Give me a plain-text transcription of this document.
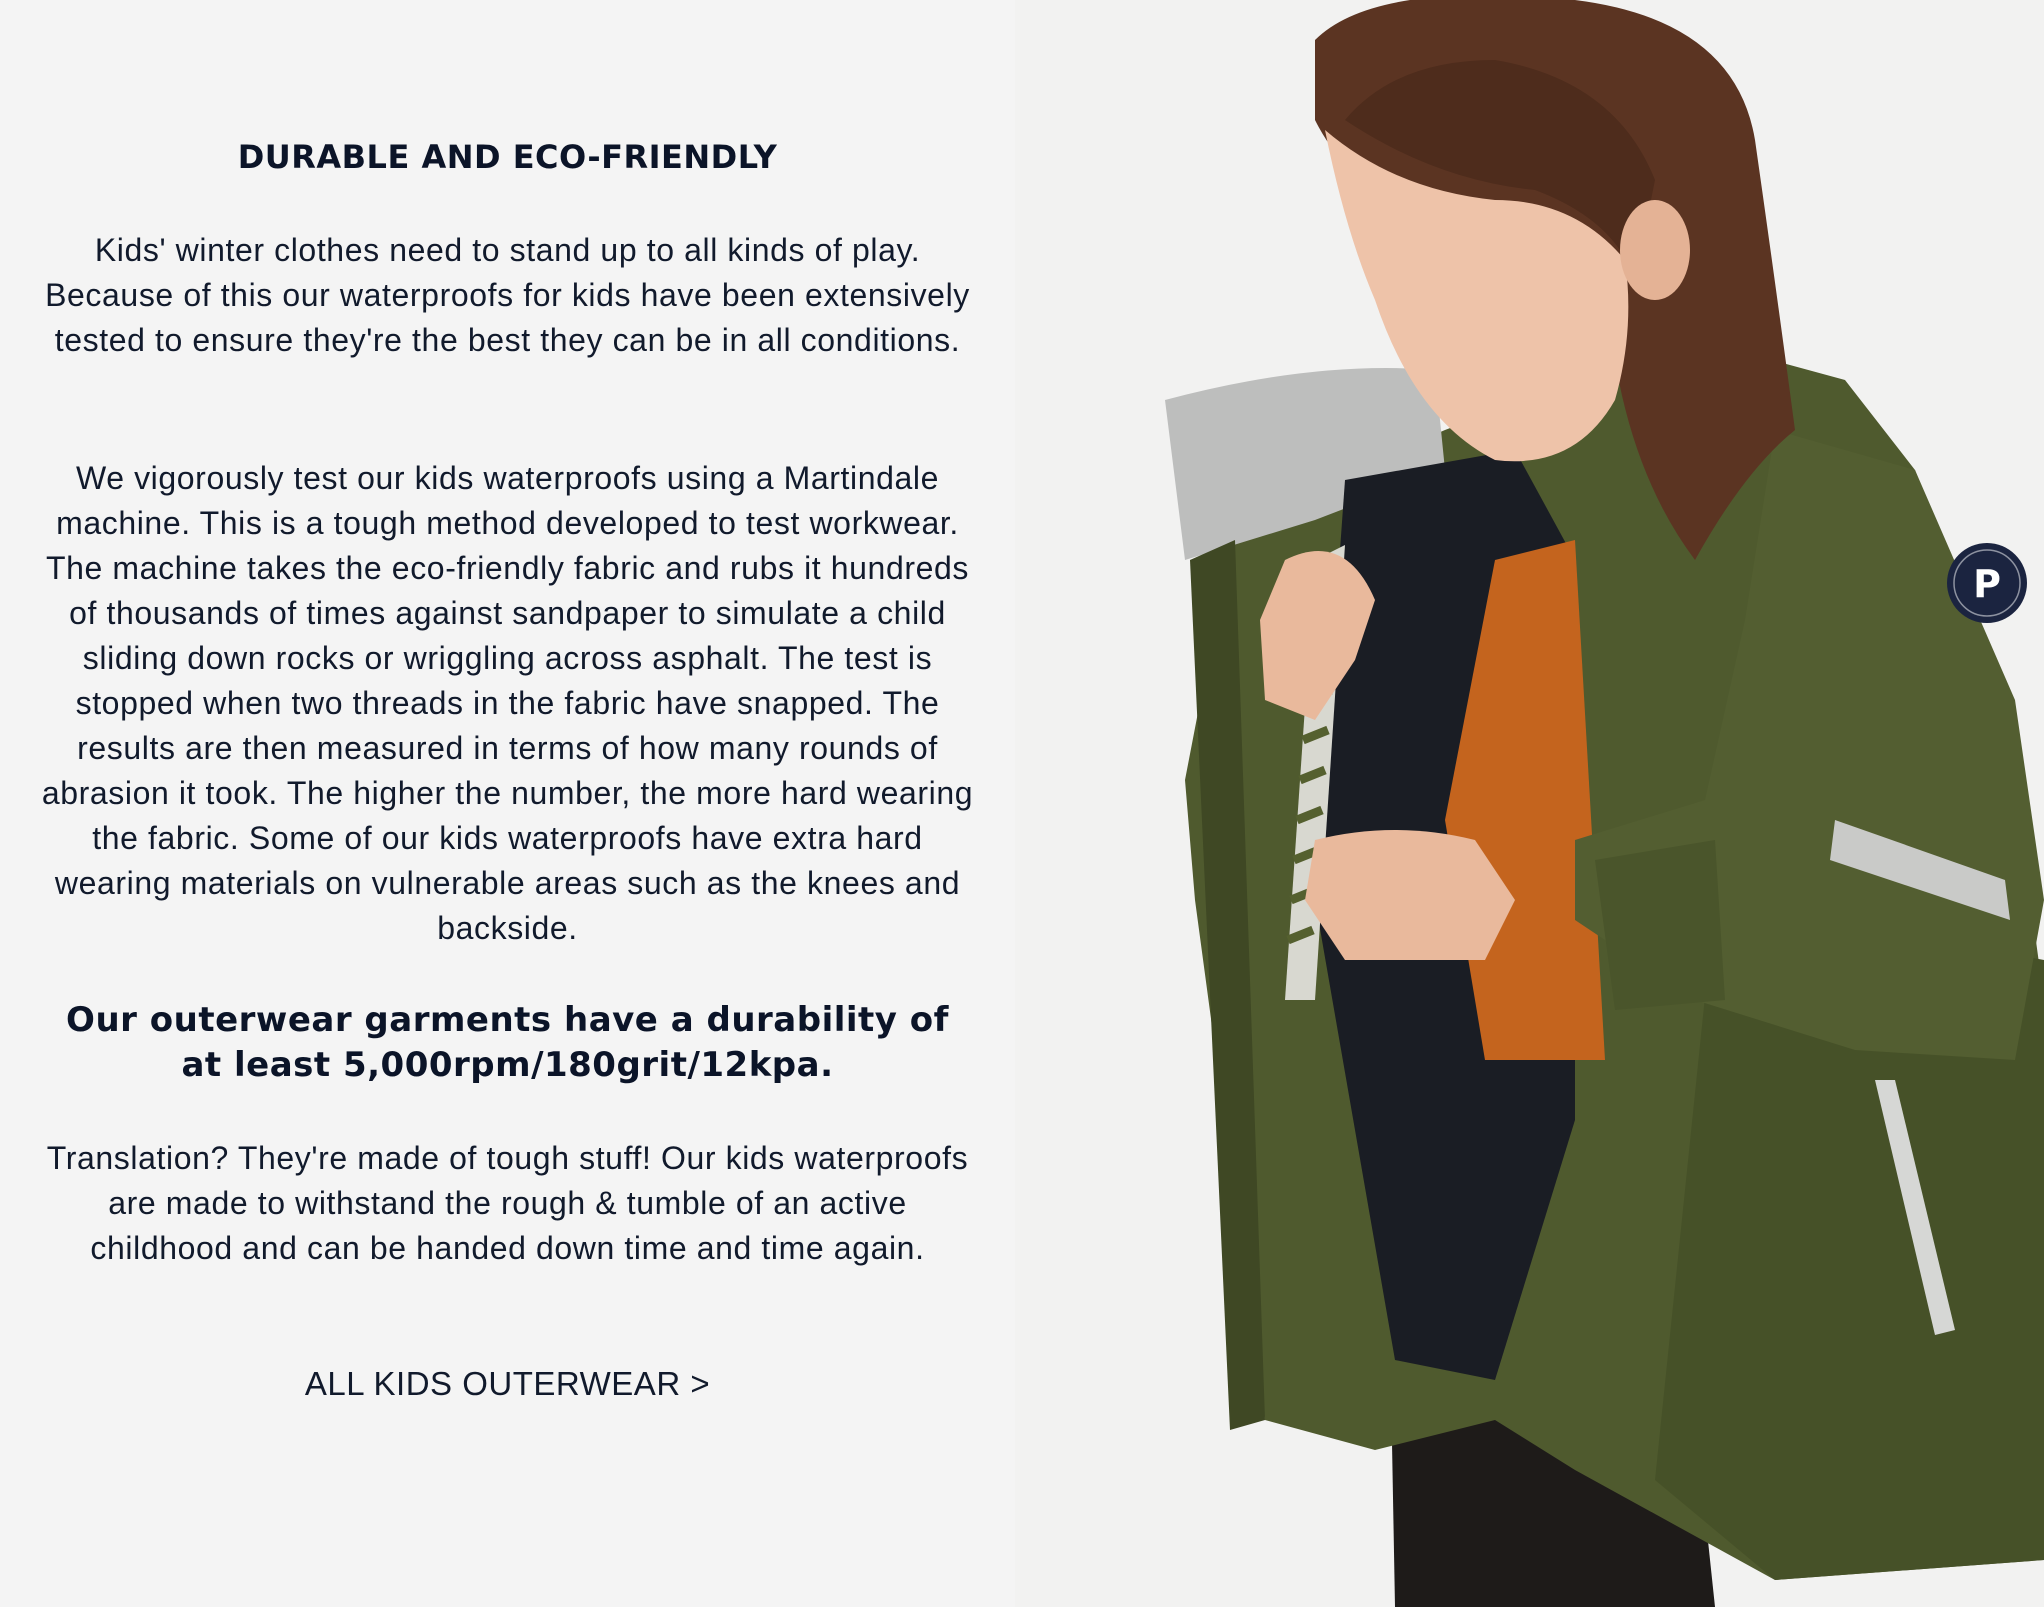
DURABLE AND ECO-FRIENDLY

Kids' winter clothes need to stand up to all kinds of play. Because of this our waterproofs for kids have been extensively tested to ensure they're the best they can be in all conditions.

We vigorously test our kids waterproofs using a Martindale machine. This is a tough method developed to test workwear. The machine takes the eco-friendly fabric and rubs it hundreds of thousands of times against sandpaper to simulate a child sliding down rocks or wriggling across asphalt. The test is stopped when two threads in the fabric have snapped. The results are then measured in terms of how many rounds of abrasion it took. The higher the number, the more hard wearing the fabric. Some of our kids waterproofs have extra hard wearing materials on vulnerable areas such as the knees and backside.

Our outerwear garments have a durability of at least 5,000rpm/180grit/12kpa.

Translation? They're made of tough stuff! Our kids waterproofs are made to withstand the rough & tumble of an active childhood and can be handed down time and time again.

ALL KIDS OUTERWEAR >
P
